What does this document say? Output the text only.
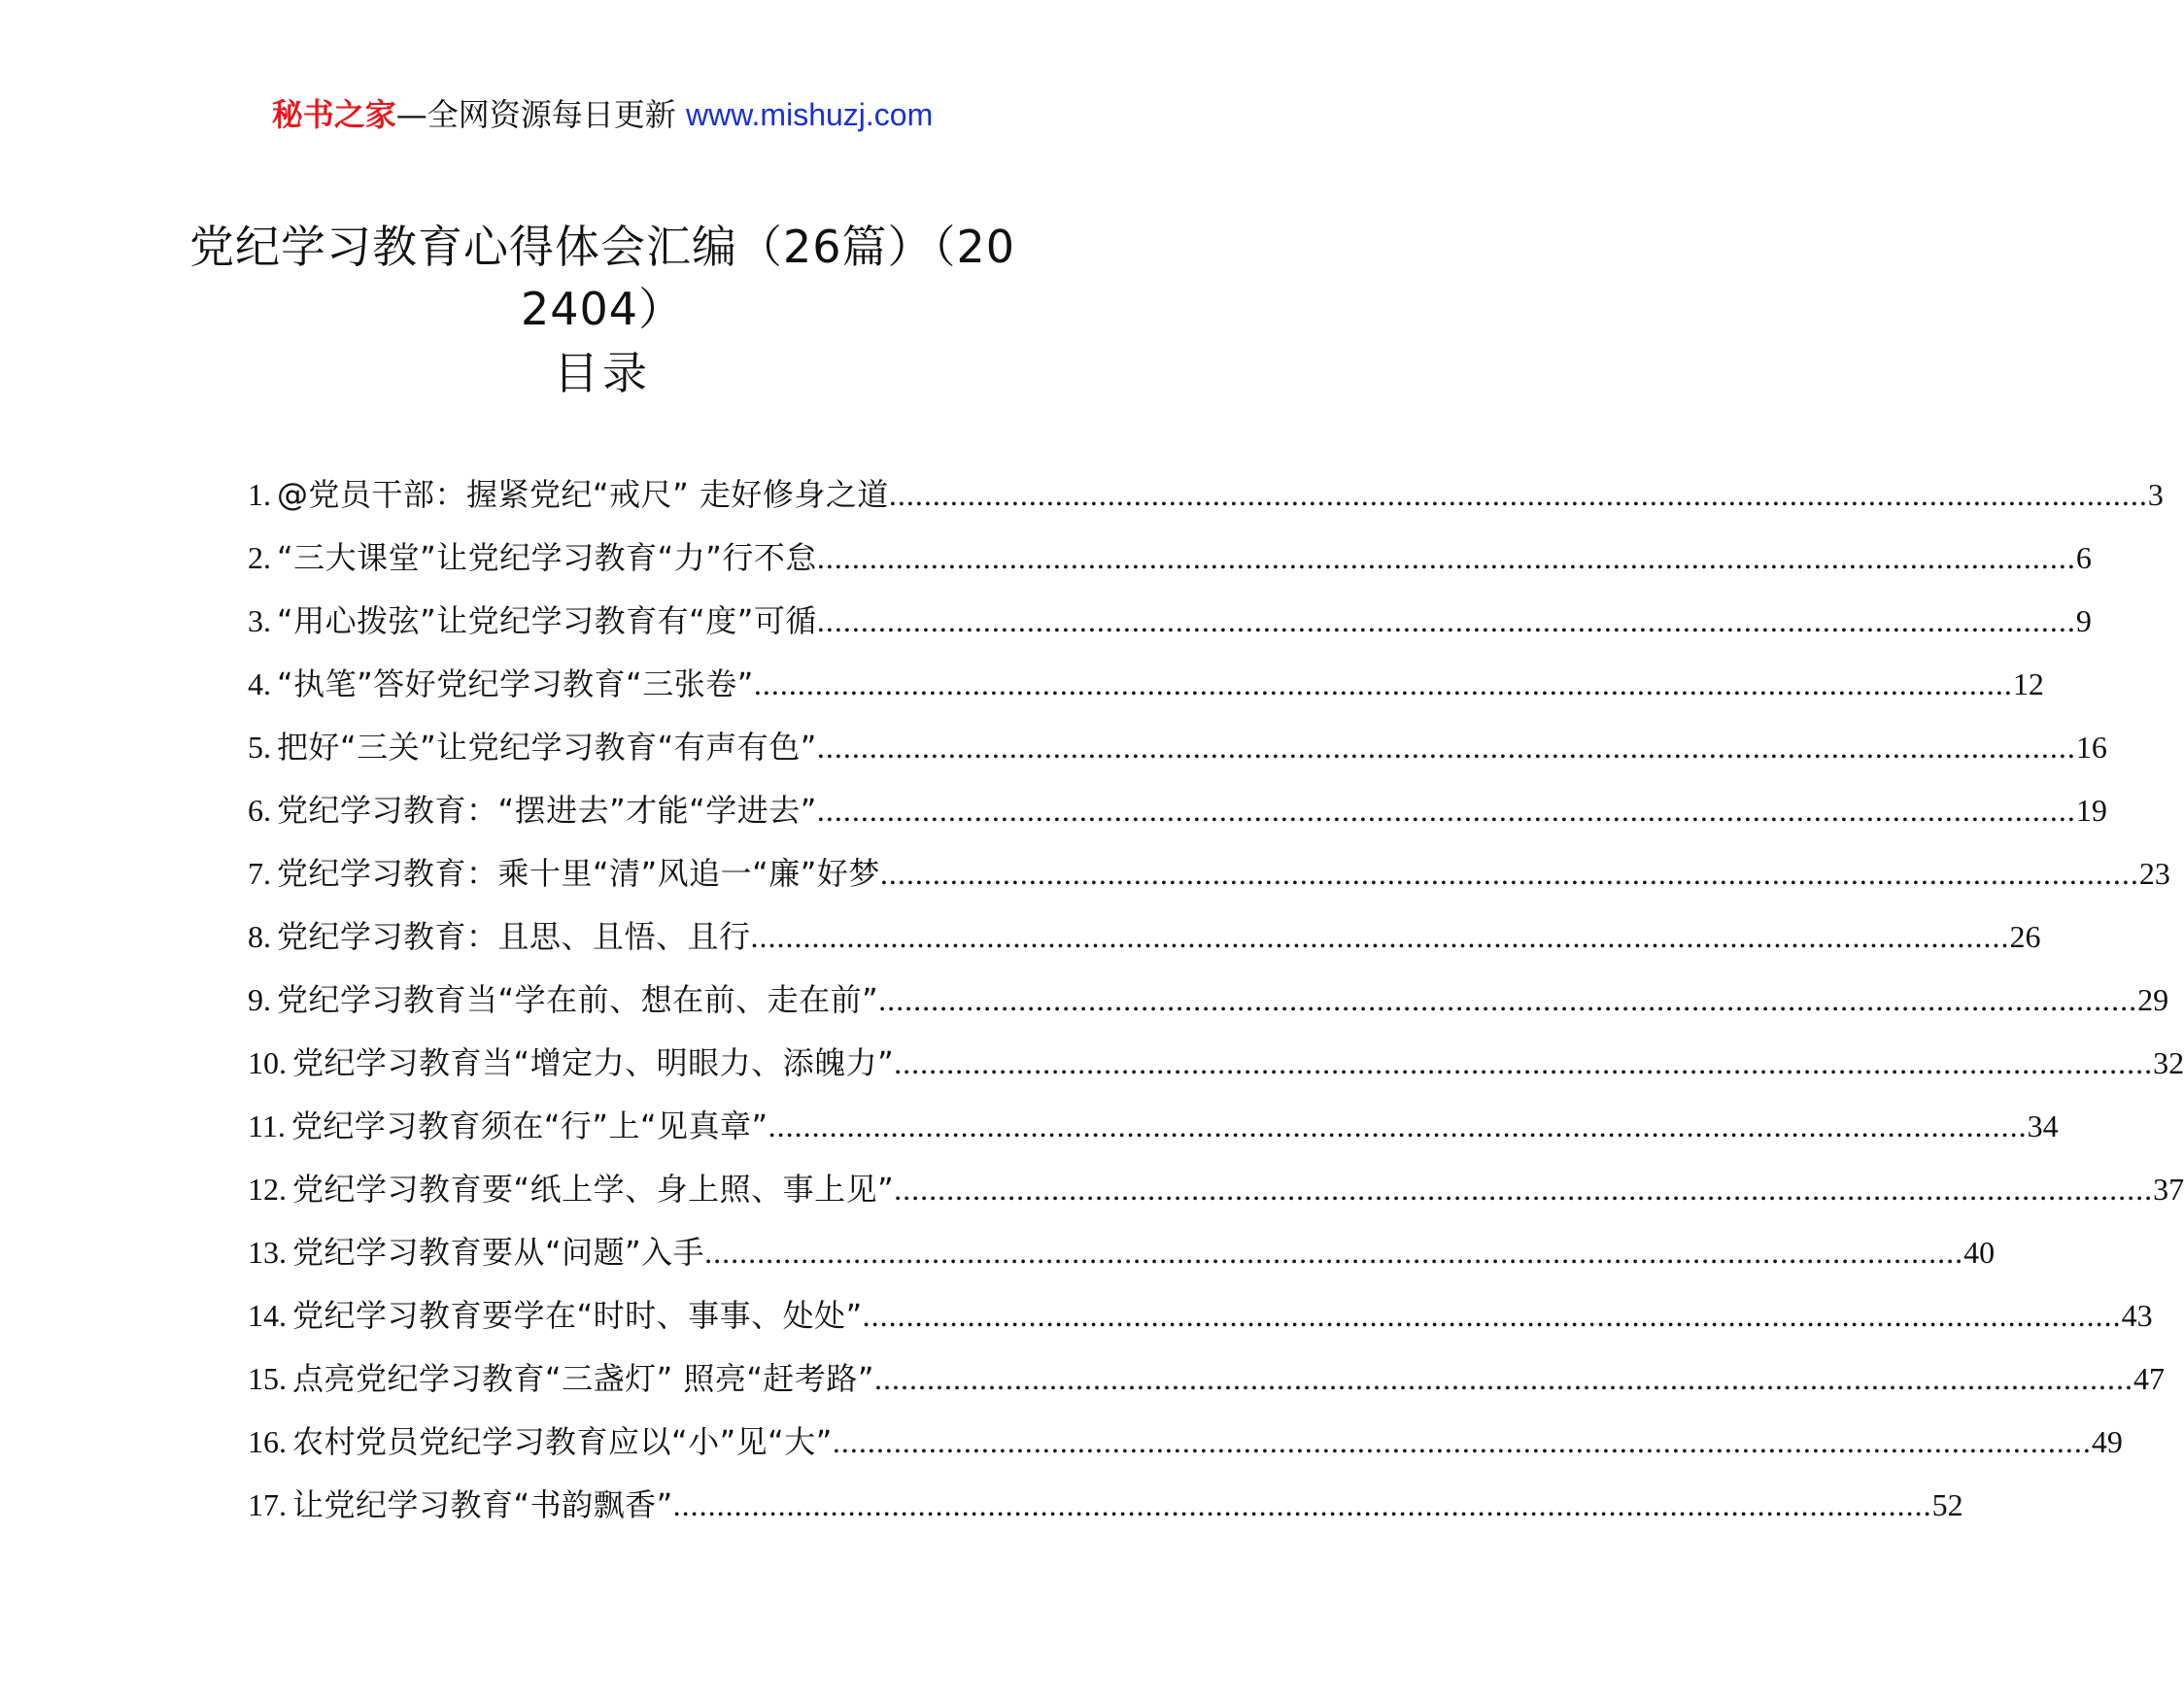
秘书之家—全网资源每日更新 www.mishuzj.com
党纪学习教育心得体会汇编（26篇）（202404）
目录
1. @党员干部：握紧党纪“戒尺” 走好修身之道 .....	3
2. “三大课堂”让党纪学习教育“力”行不怠 .....	6
3. “用心拨弦”让党纪学习教育有“度”可循 .....	9
4. “执笔”答好党纪学习教育“三张卷” .....	12
5. 把好“三关”让党纪学习教育“有声有色” .....	16
6. 党纪学习教育：“摆进去”才能“学进去” .....	19
7. 党纪学习教育：乘十里“清”风追一“廉”好梦 .....	23
8. 党纪学习教育：且思、且悟、且行 .....	26
9. 党纪学习教育当“学在前、想在前、走在前” .....	29
10. 党纪学习教育当“增定力、明眼力、添魄力” .....	32
11. 党纪学习教育须在“行”上“见真章” .....	34
12. 党纪学习教育要“纸上学、身上照、事上见” .....	37
13. 党纪学习教育要从“问题”入手 .....	40
14. 党纪学习教育要学在“时时、事事、处处” .....	43
15. 点亮党纪学习教育“三盏灯” 照亮“赶考路” .....	47
16. 农村党员党纪学习教育应以“小”见“大” .....	49
17. 让党纪学习教育“书韵飘香” .....	52
